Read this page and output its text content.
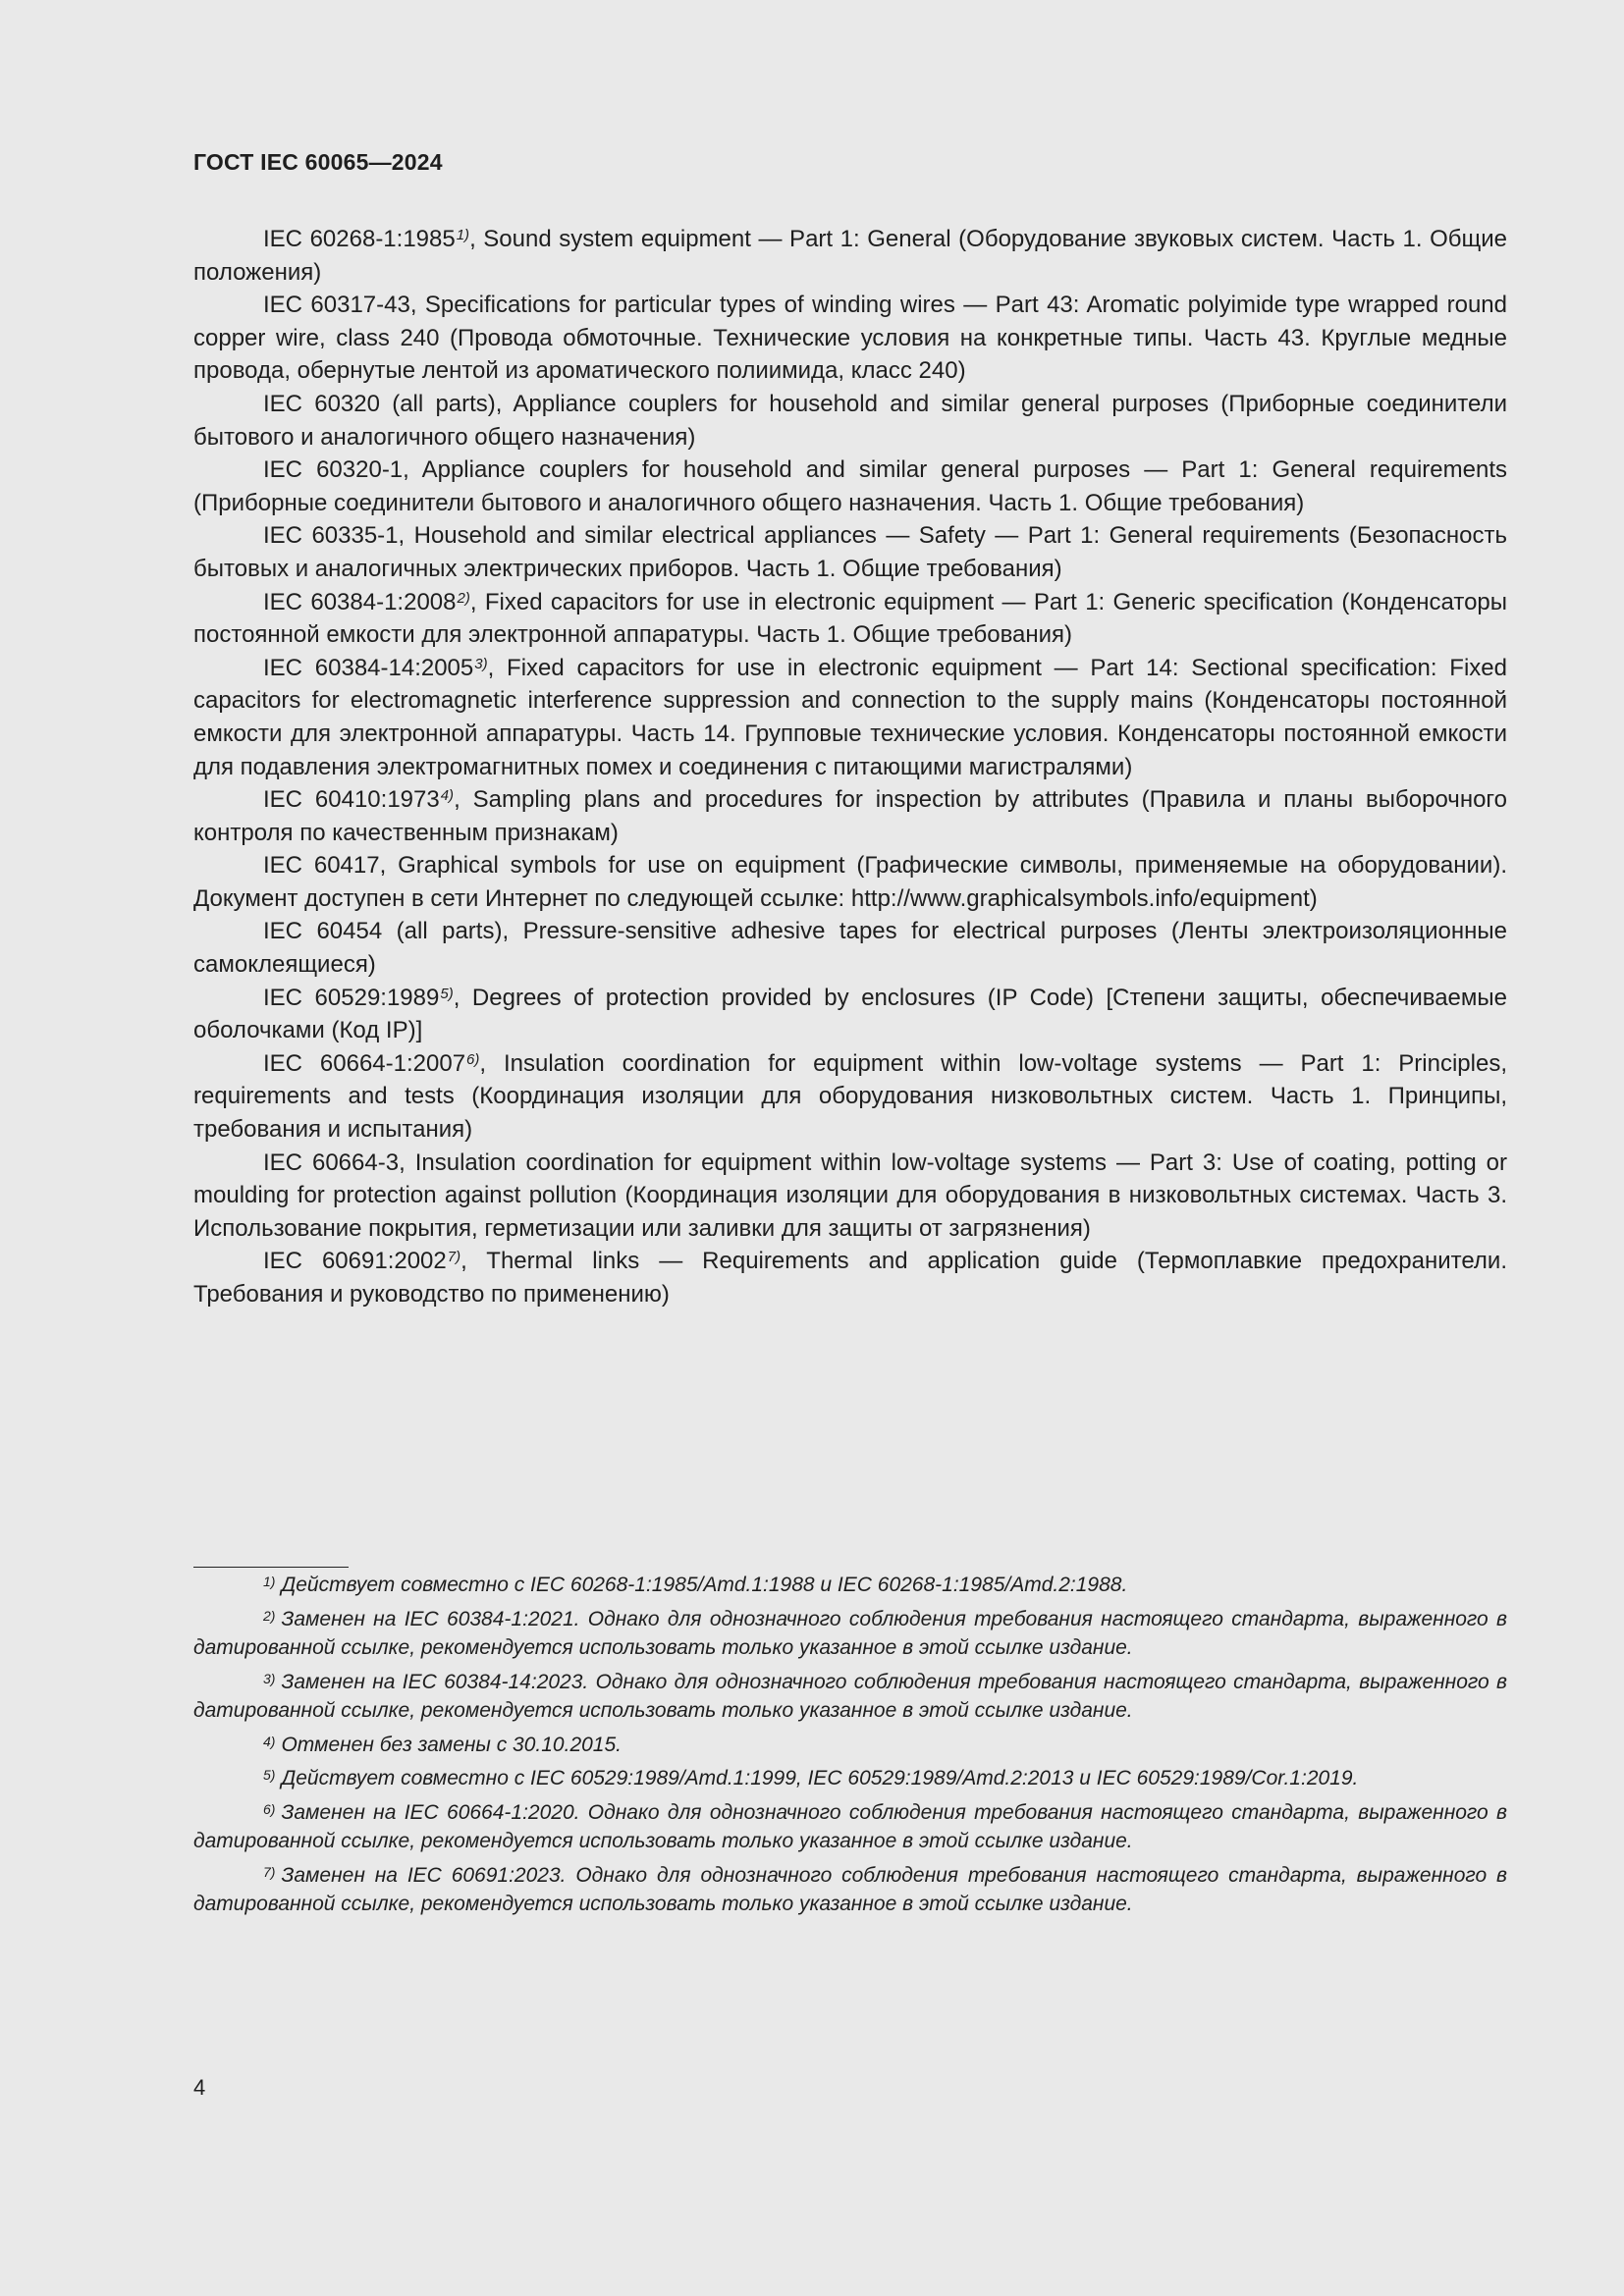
ГОСТ IEC 60065—2024

IEC 60268-1:1985$^{1)}$, Sound system equipment — Part 1: General (Оборудование звуковых систем. Часть 1. Общие положения)

IEC 60317-43, Specifications for particular types of winding wires — Part 43: Aromatic polyimide type wrapped round copper wire, class 240 (Провода обмоточные. Технические условия на конкретные типы. Часть 43. Круглые медные провода, обернутые лентой из ароматического полиимида, класс 240)

IEC 60320 (all parts), Appliance couplers for household and similar general purposes (Приборные соединители бытового и аналогичного общего назначения)

IEC 60320-1, Appliance couplers for household and similar general purposes — Part 1: General requirements (Приборные соединители бытового и аналогичного общего назначения. Часть 1. Общие требования)

IEC 60335-1, Household and similar electrical appliances — Safety — Part 1: General requirements (Безопасность бытовых и аналогичных электрических приборов. Часть 1. Общие требования)

IEC 60384-1:2008$^{2)}$, Fixed capacitors for use in electronic equipment — Part 1: Generic specification (Конденсаторы постоянной емкости для электронной аппаратуры. Часть 1. Общие требования)

IEC 60384-14:2005$^{3)}$, Fixed capacitors for use in electronic equipment — Part 14: Sectional specification: Fixed capacitors for electromagnetic interference suppression and connection to the supply mains (Конденсаторы постоянной емкости для электронной аппаратуры. Часть 14. Групповые технические условия. Конденсаторы постоянной емкости для подавления электромагнитных помех и соединения с питающими магистралями)

IEC 60410:1973$^{4)}$, Sampling plans and procedures for inspection by attributes (Правила и планы выборочного контроля по качественным признакам)

IEC 60417, Graphical symbols for use on equipment (Графические символы, применяемые на оборудовании). Документ доступен в сети Интернет по следующей ссылке: http://www.graphicalsymbols.info/equipment)

IEC 60454 (all parts), Pressure-sensitive adhesive tapes for electrical purposes (Ленты электроизоляционные самоклеящиеся)

IEC 60529:1989$^{5)}$, Degrees of protection provided by enclosures (IP Code) [Степени защиты, обеспечиваемые оболочками (Код IP)]

IEC 60664-1:2007$^{6)}$, Insulation coordination for equipment within low-voltage systems — Part 1: Principles, requirements and tests (Координация изоляции для оборудования низковольтных систем. Часть 1. Принципы, требования и испытания)

IEC 60664-3, Insulation coordination for equipment within low-voltage systems — Part 3: Use of coating, potting or moulding for protection against pollution (Координация изоляции для оборудования в низковольтных системах. Часть 3. Использование покрытия, герметизации или заливки для защиты от загрязнения)

IEC 60691:2002$^{7)}$, Thermal links — Requirements and application guide (Термоплавкие предохранители. Требования и руководство по применению)

$^{1)}$ Действует совместно с IEC 60268-1:1985/Amd.1:1988 и IEC 60268-1:1985/Amd.2:1988.

$^{2)}$ Заменен на IEC 60384-1:2021. Однако для однозначного соблюдения требования настоящего стандарта, выраженного в датированной ссылке, рекомендуется использовать только указанное в этой ссылке издание.

$^{3)}$ Заменен на IEC 60384-14:2023. Однако для однозначного соблюдения требования настоящего стандарта, выраженного в датированной ссылке, рекомендуется использовать только указанное в этой ссылке издание.

$^{4)}$ Отменен без замены с 30.10.2015.

$^{5)}$ Действует совместно с IEC 60529:1989/Amd.1:1999, IEC 60529:1989/Amd.2:2013 и IEC 60529:1989/Cor.1:2019.

$^{6)}$ Заменен на IEC 60664-1:2020. Однако для однозначного соблюдения требования настоящего стандарта, выраженного в датированной ссылке, рекомендуется использовать только указанное в этой ссылке издание.

$^{7)}$ Заменен на IEC 60691:2023. Однако для однозначного соблюдения требования настоящего стандарта, выраженного в датированной ссылке, рекомендуется использовать только указанное в этой ссылке издание.

4
